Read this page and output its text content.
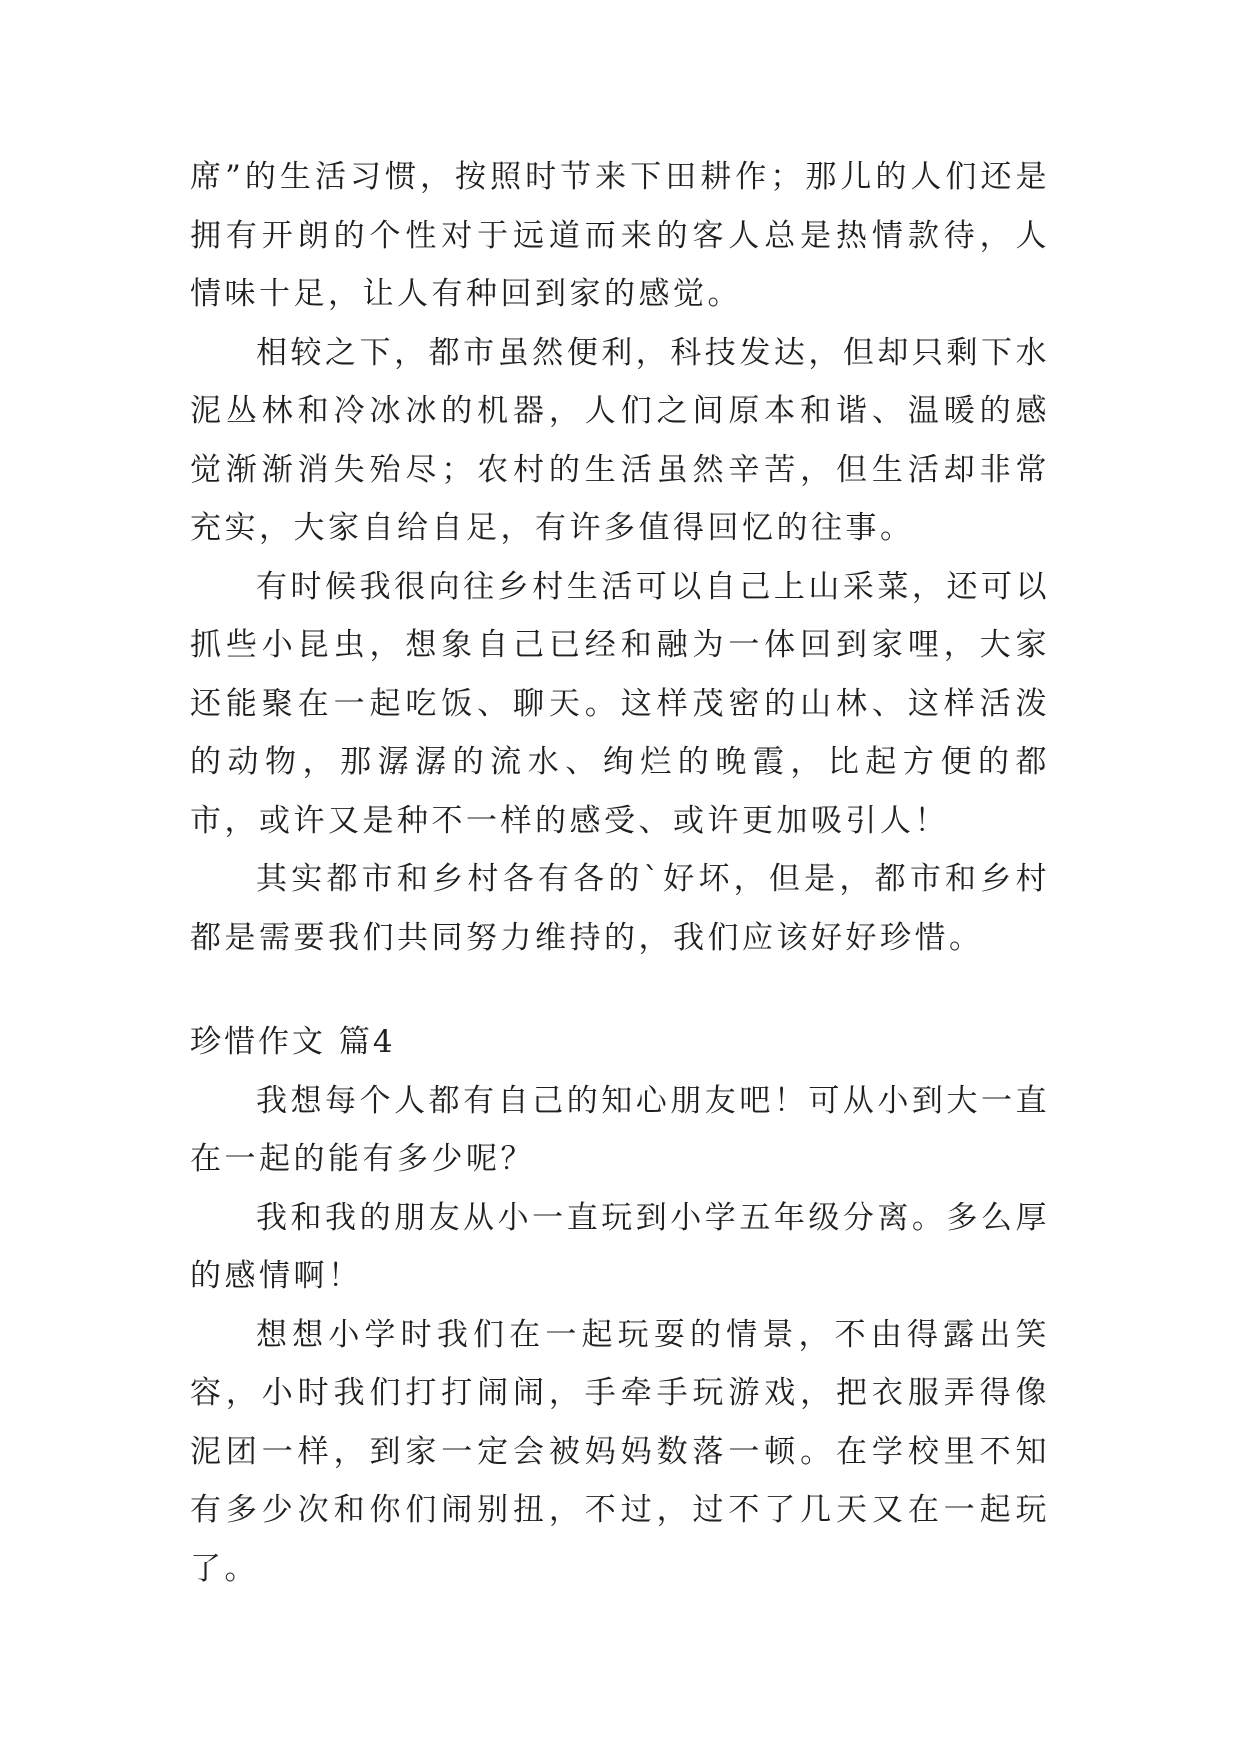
席”的生活习惯，按照时节来下田耕作；那儿的人们还是拥有开朗的个性对于远道而来的客人总是热情款待，人情味十足，让人有种回到家的感觉。

相较之下，都市虽然便利，科技发达，但却只剩下水泥丛林和冷冰冰的机器，人们之间原本和谐、温暖的感觉渐渐消失殆尽；农村的生活虽然辛苦，但生活却非常充实，大家自给自足，有许多值得回忆的往事。

有时候我很向往乡村生活可以自己上山采菜，还可以抓些小昆虫，想象自己已经和融为一体回到家哩，大家还能聚在一起吃饭、聊天。这样茂密的山林、这样活泼的动物，那潺潺的流水、绚烂的晚霞，比起方便的都市，或许又是种不一样的感受、或许更加吸引人！

其实都市和乡村各有各的`好坏，但是，都市和乡村都是需要我们共同努力维持的，我们应该好好珍惜。

珍惜作文 篇4

我想每个人都有自己的知心朋友吧！可从小到大一直在一起的能有多少呢？

我和我的朋友从小一直玩到小学五年级分离。多么厚的感情啊！

想想小学时我们在一起玩耍的情景，不由得露出笑容，小时我们打打闹闹，手牵手玩游戏，把衣服弄得像泥团一样，到家一定会被妈妈数落一顿。在学校里不知有多少次和你们闹别扭，不过，过不了几天又在一起玩了。
